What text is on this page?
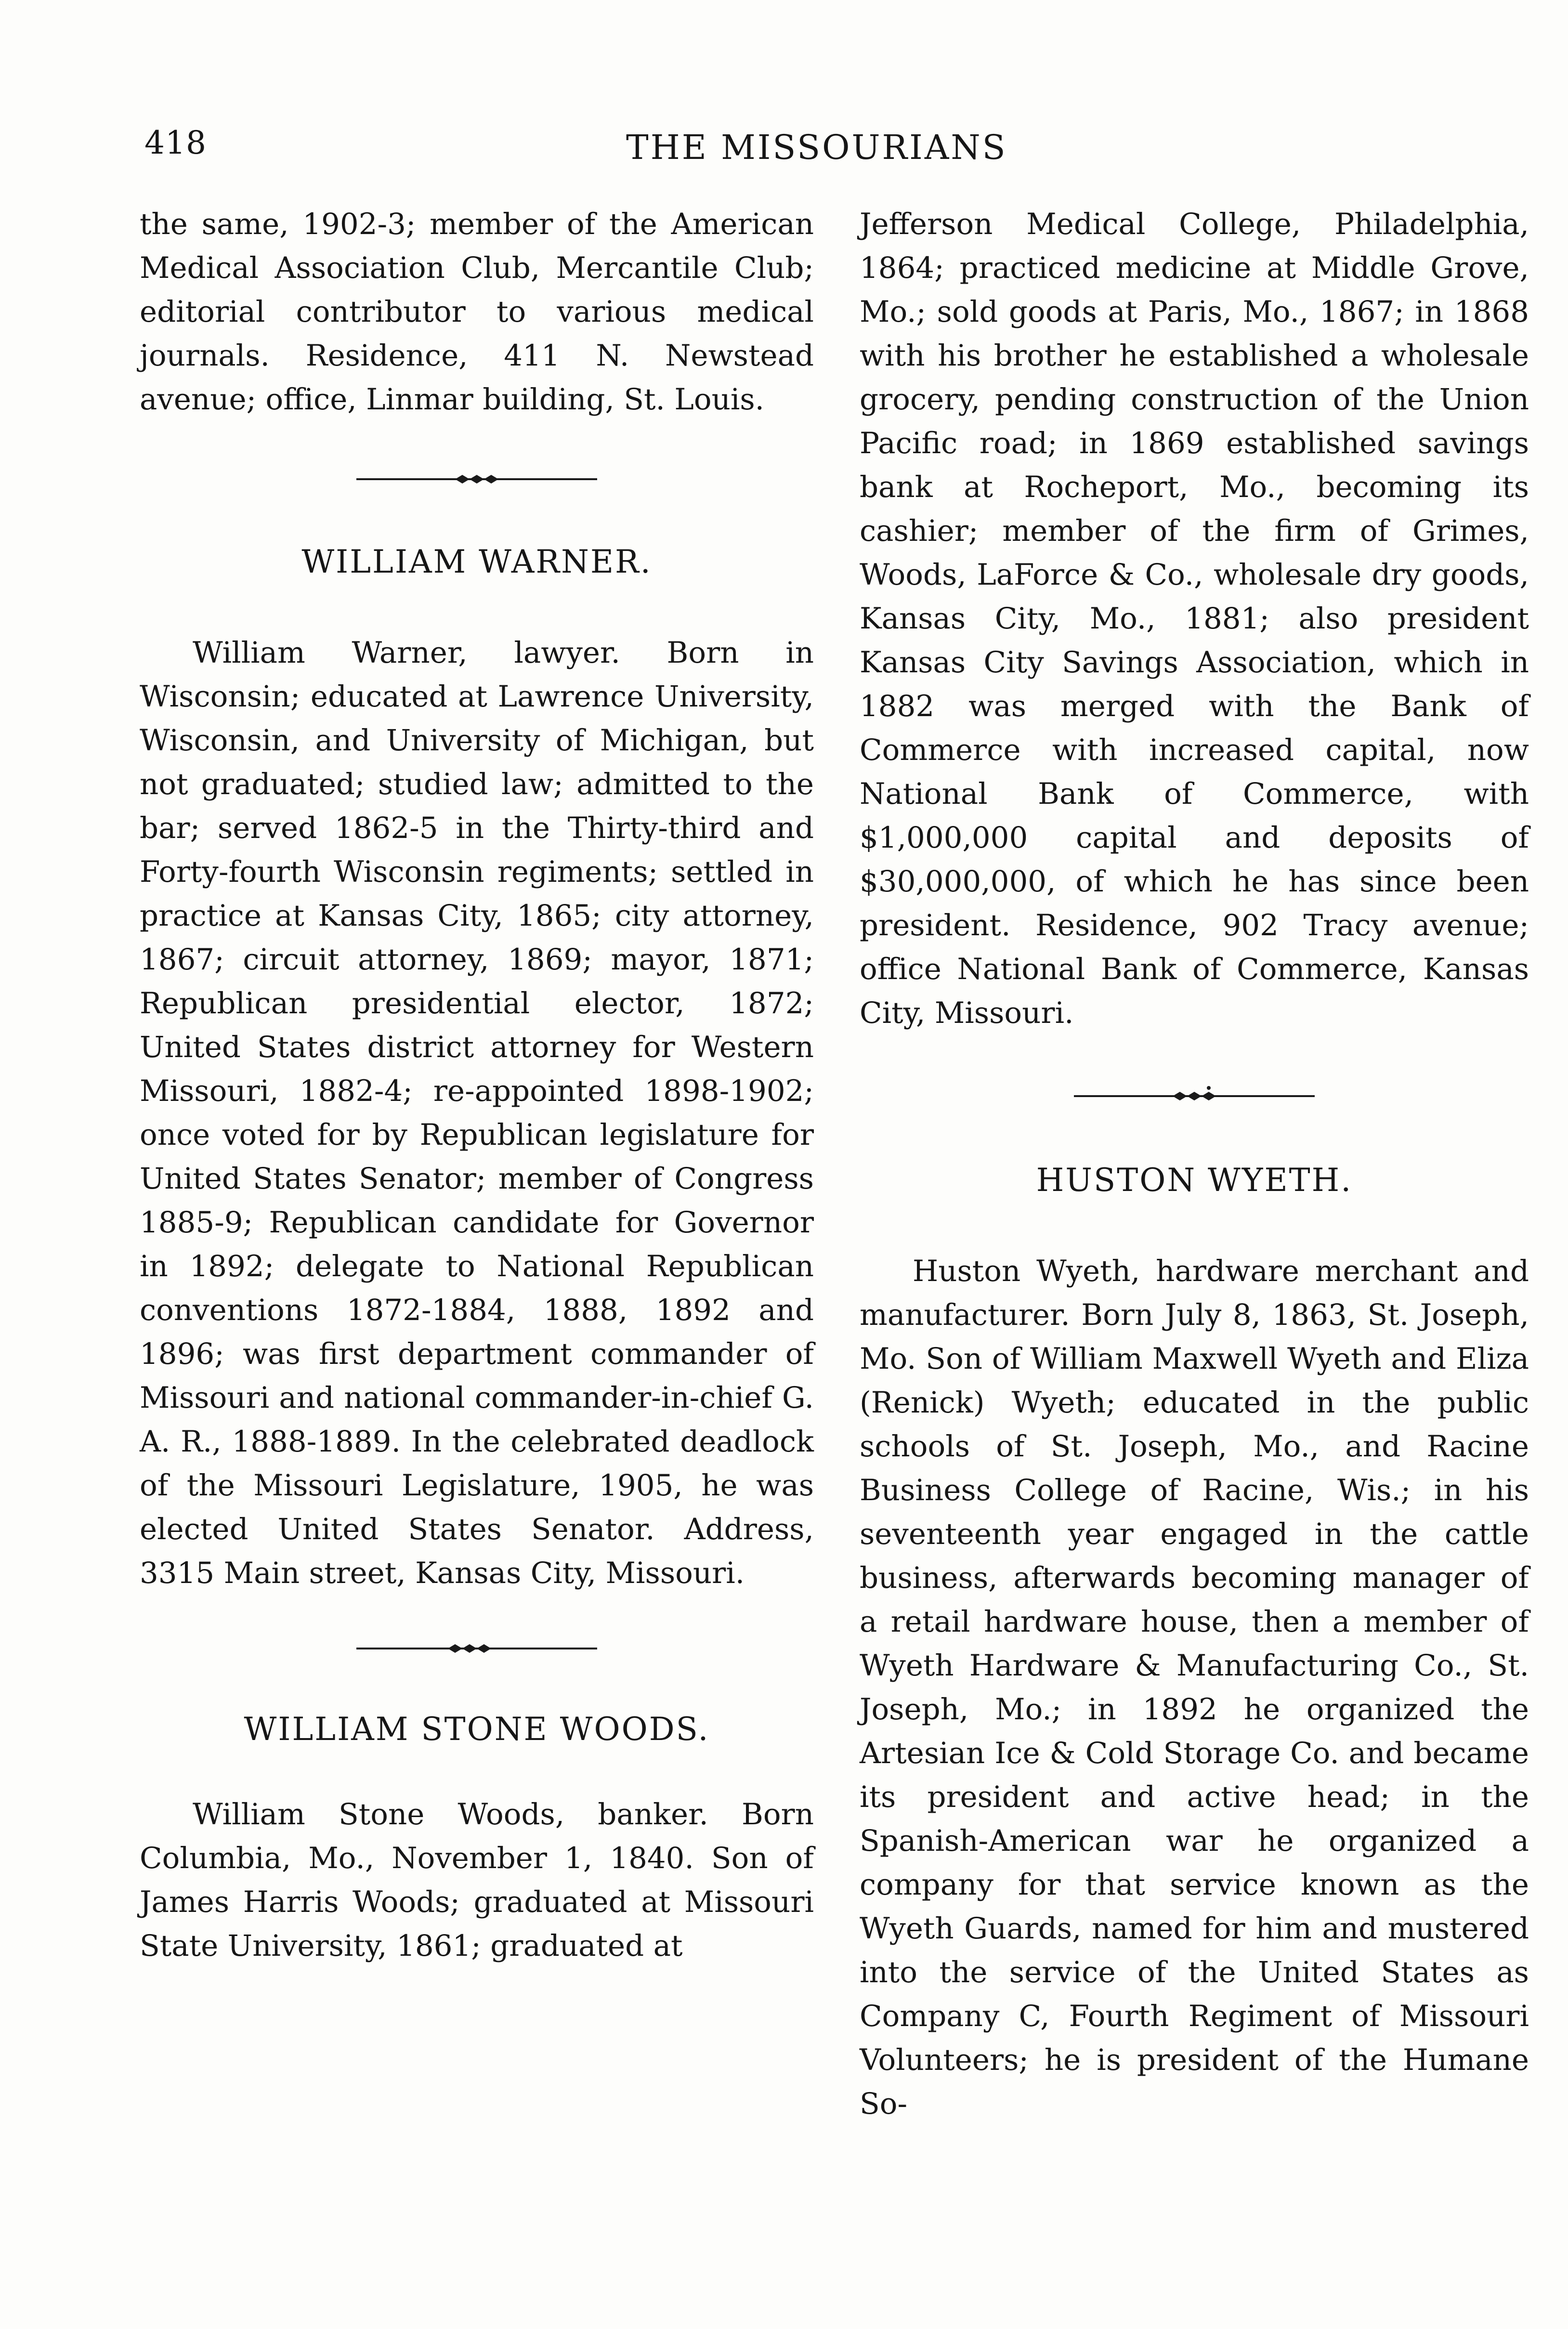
418	THE MISSOURIANS

the same, 1902-3; member of the American Medical Association Club, Mercantile Club; editorial contributor to various medical journals. Residence, 411 N. Newstead avenue; office, Linmar building, St. Louis.

WILLIAM WARNER.

William Warner, lawyer. Born in Wisconsin; educated at Lawrence University, Wisconsin, and University of Michigan, but not graduated; studied law; admitted to the bar; served 1862-5 in the Thirty-third and Forty-fourth Wisconsin regiments; settled in practice at Kansas City, 1865; city attorney, 1867; circuit attorney, 1869; mayor, 1871; Republican presidential elector, 1872; United States district attorney for Western Missouri, 1882-4; re-appointed 1898-1902; once voted for by Republican legislature for United States Senator; member of Congress 1885-9; Republican candidate for Governor in 1892; delegate to National Republican conventions 1872-1884, 1888, 1892 and 1896; was first department commander of Missouri and national commander-in-chief G. A. R., 1888-1889. In the celebrated deadlock of the Missouri Legislature, 1905, he was elected United States Senator. Address, 3315 Main street, Kansas City, Missouri.

WILLIAM STONE WOODS.

William Stone Woods, banker. Born Columbia, Mo., November 1, 1840. Son of James Harris Woods; graduated at Missouri State University, 1861; graduated at

Jefferson Medical College, Philadelphia, 1864; practiced medicine at Middle Grove, Mo.; sold goods at Paris, Mo., 1867; in 1868 with his brother he established a wholesale grocery, pending construction of the Union Pacific road; in 1869 established savings bank at Rocheport, Mo., becoming its cashier; member of the firm of Grimes, Woods, LaForce & Co., wholesale dry goods, Kansas City, Mo., 1881; also president Kansas City Savings Association, which in 1882 was merged with the Bank of Commerce with increased capital, now National Bank of Commerce, with $1,000,000 capital and deposits of $30,000,000, of which he has since been president. Residence, 902 Tracy avenue; office National Bank of Commerce, Kansas City, Missouri.

HUSTON WYETH.

Huston Wyeth, hardware merchant and manufacturer. Born July 8, 1863, St. Joseph, Mo. Son of William Maxwell Wyeth and Eliza (Renick) Wyeth; educated in the public schools of St. Joseph, Mo., and Racine Business College of Racine, Wis.; in his seventeenth year engaged in the cattle business, afterwards becoming manager of a retail hardware house, then a member of Wyeth Hardware & Manufacturing Co., St. Joseph, Mo.; in 1892 he organized the Artesian Ice & Cold Storage Co. and became its president and active head; in the Spanish-American war he organized a company for that service known as the Wyeth Guards, named for him and mustered into the service of the United States as Company C, Fourth Regiment of Missouri Volunteers; he is president of the Humane So-
